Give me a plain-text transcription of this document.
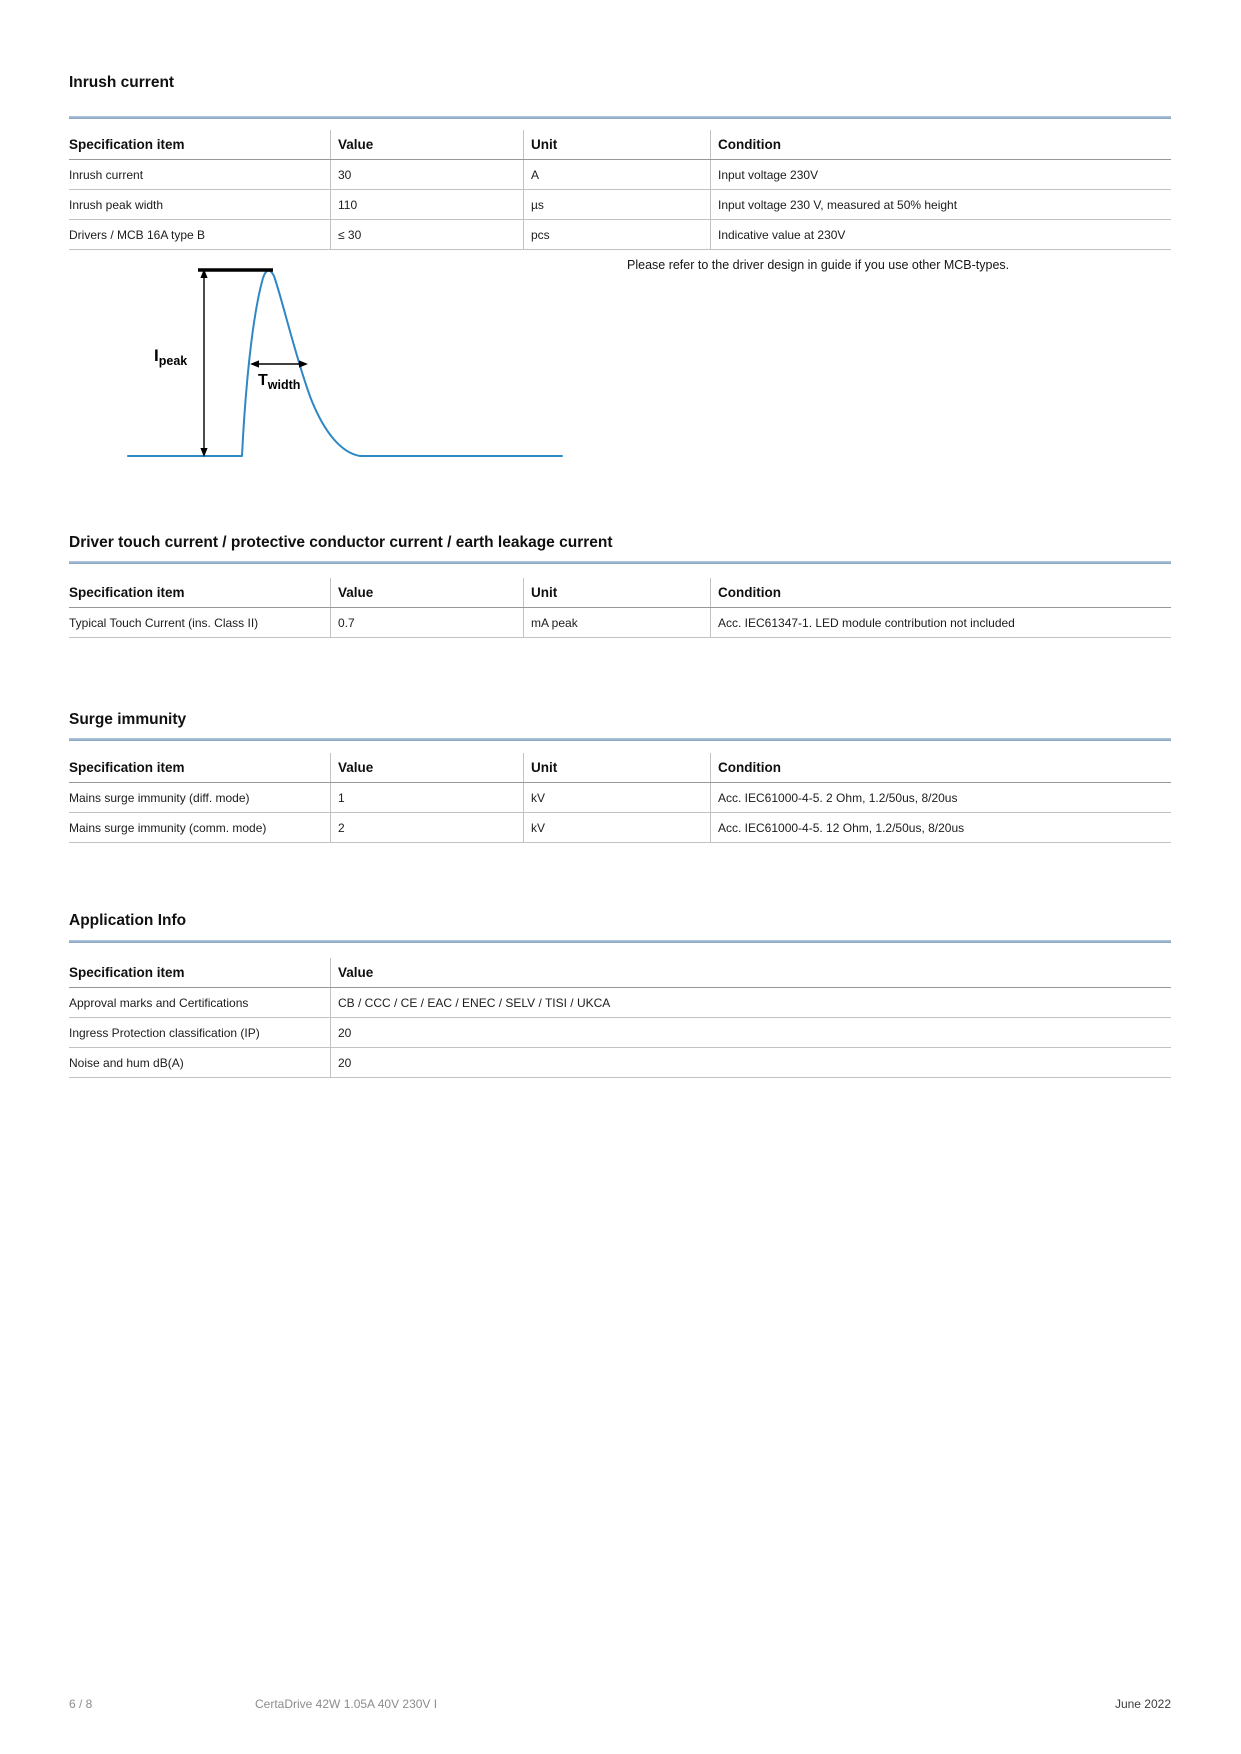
Inrush current
Specification item	Value	Unit	Condition
Inrush current	30	A	Input voltage 230V
Inrush peak width	110	µs	Input voltage 230 V, measured at 50% height
Drivers / MCB 16A type B	≤ 30	pcs	Indicative value at 230V
Please refer to the driver design in guide if you use other MCB-types.
$I_{peak}$
$T_{width}$
Driver touch current / protective conductor current / earth leakage current
Specification item	Value	Unit	Condition
Typical Touch Current (ins. Class II)	0.7	mA peak	Acc. IEC61347-1. LED module contribution not included
Surge immunity
Specification item	Value	Unit	Condition
Mains surge immunity (diff. mode)	1	kV	Acc. IEC61000-4-5. 2 Ohm, 1.2/50us, 8/20us
Mains surge immunity (comm. mode)	2	kV	Acc. IEC61000-4-5. 12 Ohm, 1.2/50us, 8/20us
Application Info
Specification item	Value
Approval marks and Certifications	CB / CCC / CE / EAC / ENEC / SELV / TISI / UKCA
Ingress Protection classification (IP)	20
Noise and hum dB(A)	20
6 / 8	CertaDrive 42W 1.05A 40V 230V I	June 2022
